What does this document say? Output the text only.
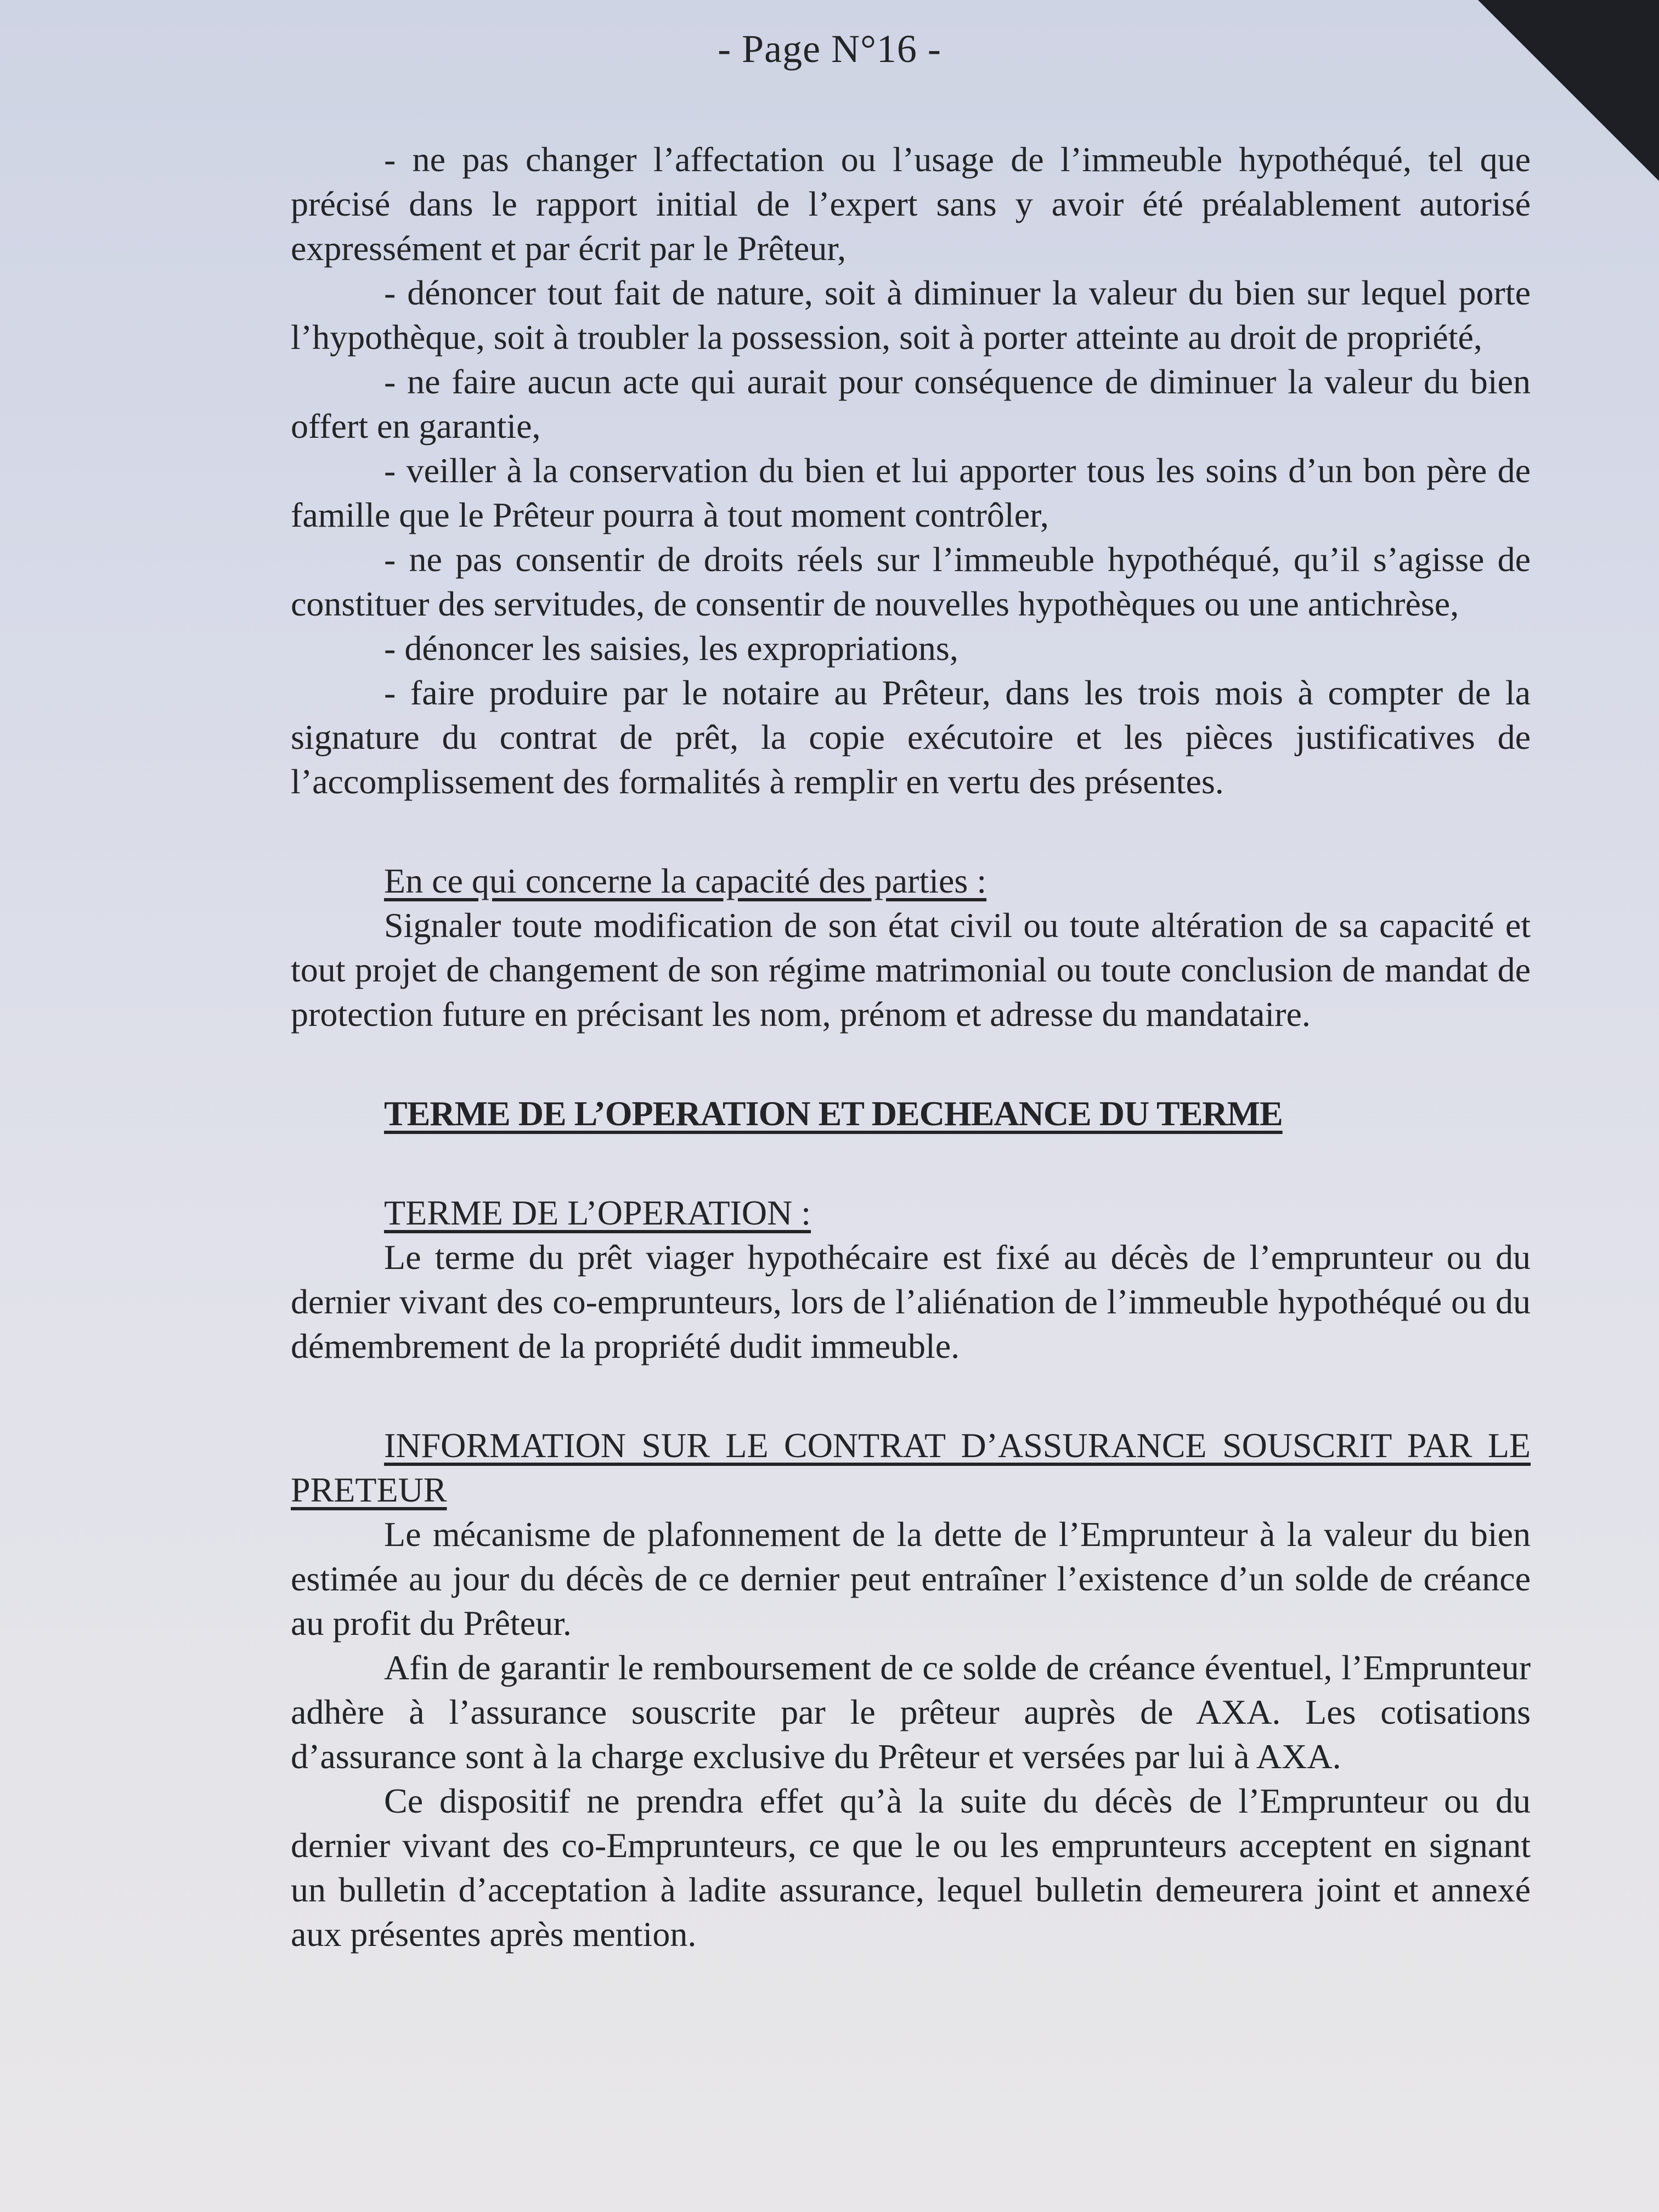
- Page N°16 -

- ne pas changer l’affectation ou l’usage de l’immeuble hypothéqué, tel que précisé dans le rapport initial de l’expert sans y avoir été préalablement autorisé expressément et par écrit par le Prêteur,

- dénoncer tout fait de nature, soit à diminuer la valeur du bien sur lequel porte l’hypothèque, soit à troubler la possession, soit à porter atteinte au droit de propriété,

- ne faire aucun acte qui aurait pour conséquence de diminuer la valeur du bien offert en garantie,

- veiller à la conservation du bien et lui apporter tous les soins d’un bon père de famille que le Prêteur pourra à tout moment contrôler,

- ne pas consentir de droits réels sur l’immeuble hypothéqué, qu’il s’agisse de constituer des servitudes, de consentir de nouvelles hypothèques ou une antichrèse,

- dénoncer les saisies, les expropriations,

- faire produire par le notaire au Prêteur, dans les trois mois à compter de la signature du contrat de prêt, la copie exécutoire et les pièces justificatives de l’accomplissement des formalités à remplir en vertu des présentes.

En ce qui concerne la capacité des parties :

Signaler toute modification de son état civil ou toute altération de sa capacité et tout projet de changement de son régime matrimonial ou toute conclusion de mandat de protection future en précisant les nom, prénom et adresse du mandataire.

TERME DE L’OPERATION ET DECHEANCE DU TERME

TERME DE L’OPERATION :

Le terme du prêt viager hypothécaire est fixé au décès de l’emprunteur ou du dernier vivant des co-emprunteurs, lors de l’aliénation de l’immeuble hypothéqué ou du démembrement de la propriété dudit immeuble.

INFORMATION SUR LE CONTRAT D’ASSURANCE SOUSCRIT PAR LE PRETEUR

Le mécanisme de plafonnement de la dette de l’Emprunteur à la valeur du bien estimée au jour du décès de ce dernier peut entraîner l’existence d’un solde de créance au profit du Prêteur.

Afin de garantir le remboursement de ce solde de créance éventuel, l’Emprunteur adhère à l’assurance souscrite par le prêteur auprès de AXA. Les cotisations d’assurance sont à la charge exclusive du Prêteur et versées par lui à AXA.

Ce dispositif ne prendra effet qu’à la suite du décès de l’Emprunteur ou du dernier vivant des co-Emprunteurs, ce que le ou les emprunteurs acceptent en signant un bulletin d’acceptation à ladite assurance, lequel bulletin demeurera joint et annexé aux présentes après mention.
